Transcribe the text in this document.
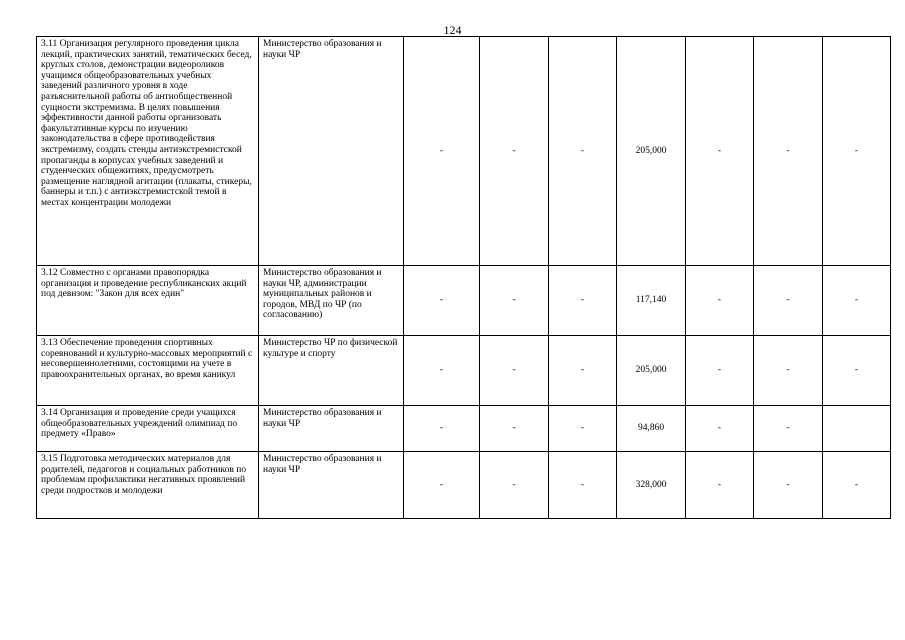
124
3.11 Организация регулярного проведения цикла лекций, практических занятий, тематических бесед, круглых столов, демонстрации видеороликов учащимся общеобразовательных учебных заведений различного уровня в ходе разъяснительной работы об антиобщественной сущности экстремизма. В целях повышения эффективности данной работы организовать факультативные курсы по изучению законодательства в сфере противодействия экстремизму, создать стенды антиэкстремистской пропаганды в корпусах учебных заведений и студенческих общежитиях, предусмотреть размещение наглядной агитации (плакаты, стикеры, баннеры и т.п.) с антиэкстремистской темой в местах концентрации молодежи	Министерство образования и науки ЧР	-	-	-	205,000	-	-	-
3.12 Совместно с органами правопорядка организация и проведение республиканских акций под девизом: "Закон для всех един"	Министерство образования и науки ЧР, администрации муниципальных районов и городов, МВД по ЧР (по согласованию)	-	-	-	117,140	-	-	-
3.13 Обеспечение проведения спортивных соревнований и культурно-массовых мероприятий с несовершеннолетними, состоящими на учете в правоохранительных органах, во время каникул	Министерство ЧР по физической культуре и спорту	-	-	-	205,000	-	-	-
3.14 Организация и проведение среди учащихся общеобразовательных учреждений олимпиад по предмету «Право»	Министерство образования и науки ЧР	-	-	-	94,860	-	-	
3.15 Подготовка методических материалов для родителей, педагогов и социальных работников по проблемам профилактики негативных проявлений среди подростков и молодежи	Министерство образования и науки ЧР	-	-	-	328,000	-	-	-
